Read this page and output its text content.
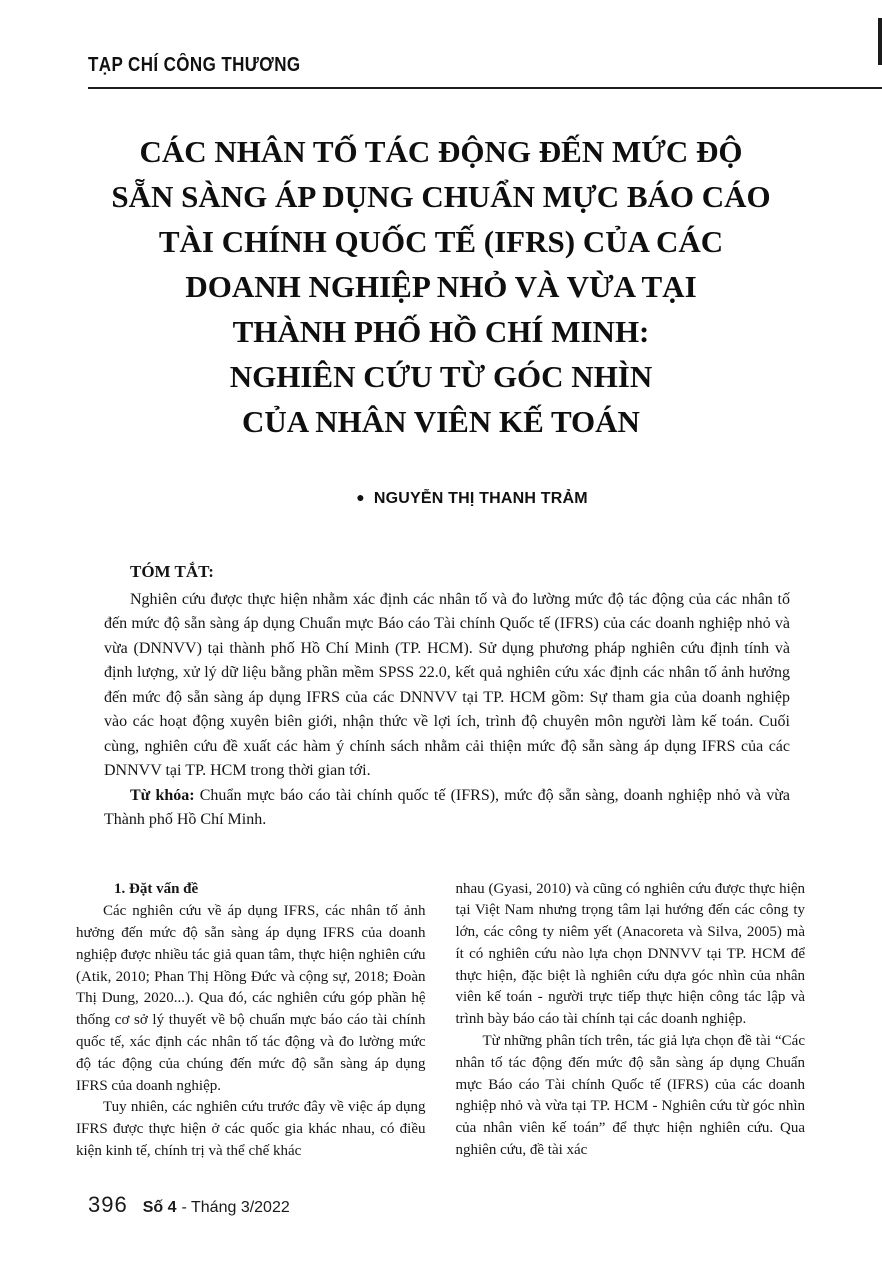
TẠP CHÍ CÔNG THƯƠNG
CÁC NHÂN TỐ TÁC ĐỘNG ĐẾN MỨC ĐỘ
SẴN SÀNG ÁP DỤNG CHUẨN MỰC BÁO CÁO
TÀI CHÍNH QUỐC TẾ (IFRS) CỦA CÁC
DOANH NGHIỆP NHỎ VÀ VỪA TẠI
THÀNH PHỐ HỒ CHÍ MINH:
NGHIÊN CỨU TỪ GÓC NHÌN
CỦA NHÂN VIÊN KẾ TOÁN
● NGUYỄN THỊ THANH TRẢM
TÓM TẮT:

Nghiên cứu được thực hiện nhằm xác định các nhân tố và đo lường mức độ tác động của các nhân tố đến mức độ sẵn sàng áp dụng Chuẩn mực Báo cáo Tài chính Quốc tế (IFRS) của các doanh nghiệp nhỏ và vừa (DNNVV) tại thành phố Hồ Chí Minh (TP. HCM). Sử dụng phương pháp nghiên cứu định tính và định lượng, xử lý dữ liệu bằng phần mềm SPSS 22.0, kết quả nghiên cứu xác định các nhân tố ảnh hưởng đến mức độ sẵn sàng áp dụng IFRS của các DNNVV tại TP. HCM gồm: Sự tham gia của doanh nghiệp vào các hoạt động xuyên biên giới, nhận thức về lợi ích, trình độ chuyên môn người làm kế toán. Cuối cùng, nghiên cứu đề xuất các hàm ý chính sách nhằm cải thiện mức độ sẵn sàng áp dụng IFRS của các DNNVV tại TP. HCM trong thời gian tới.

Từ khóa: Chuẩn mực báo cáo tài chính quốc tế (IFRS), mức độ sẵn sàng, doanh nghiệp nhỏ và vừa Thành phố Hồ Chí Minh.

1. Đặt vấn đề

Các nghiên cứu về áp dụng IFRS, các nhân tố ảnh hưởng đến mức độ sẵn sàng áp dụng IFRS của doanh nghiệp được nhiều tác giả quan tâm, thực hiện nghiên cứu (Atik, 2010; Phan Thị Hồng Đức và cộng sự, 2018; Đoàn Thị Dung, 2020...). Qua đó, các nghiên cứu góp phần hệ thống cơ sở lý thuyết về bộ chuẩn mực báo cáo tài chính quốc tế, xác định các nhân tố tác động và đo lường mức độ tác động của chúng đến mức độ sẵn sàng áp dụng IFRS của doanh nghiệp.

Tuy nhiên, các nghiên cứu trước đây về việc áp dụng IFRS được thực hiện ở các quốc gia khác nhau, có điều kiện kinh tế, chính trị và thể chế khác

nhau (Gyasi, 2010) và cũng có nghiên cứu được thực hiện tại Việt Nam nhưng trọng tâm lại hướng đến các công ty lớn, các công ty niêm yết (Anacoreta và Silva, 2005) mà ít có nghiên cứu nào lựa chọn DNNVV tại TP. HCM để thực hiện, đặc biệt là nghiên cứu dựa góc nhìn của nhân viên kế toán - người trực tiếp thực hiện công tác lập và trình bày báo cáo tài chính tại các doanh nghiệp.

Từ những phân tích trên, tác giả lựa chọn đề tài “Các nhân tố tác động đến mức độ sẵn sàng áp dụng Chuẩn mực Báo cáo Tài chính Quốc tế (IFRS) của các doanh nghiệp nhỏ và vừa tại TP. HCM - Nghiên cứu từ góc nhìn của nhân viên kế toán” để thực hiện nghiên cứu. Qua nghiên cứu, đề tài xác

396 Số 4 - Tháng 3/2022
